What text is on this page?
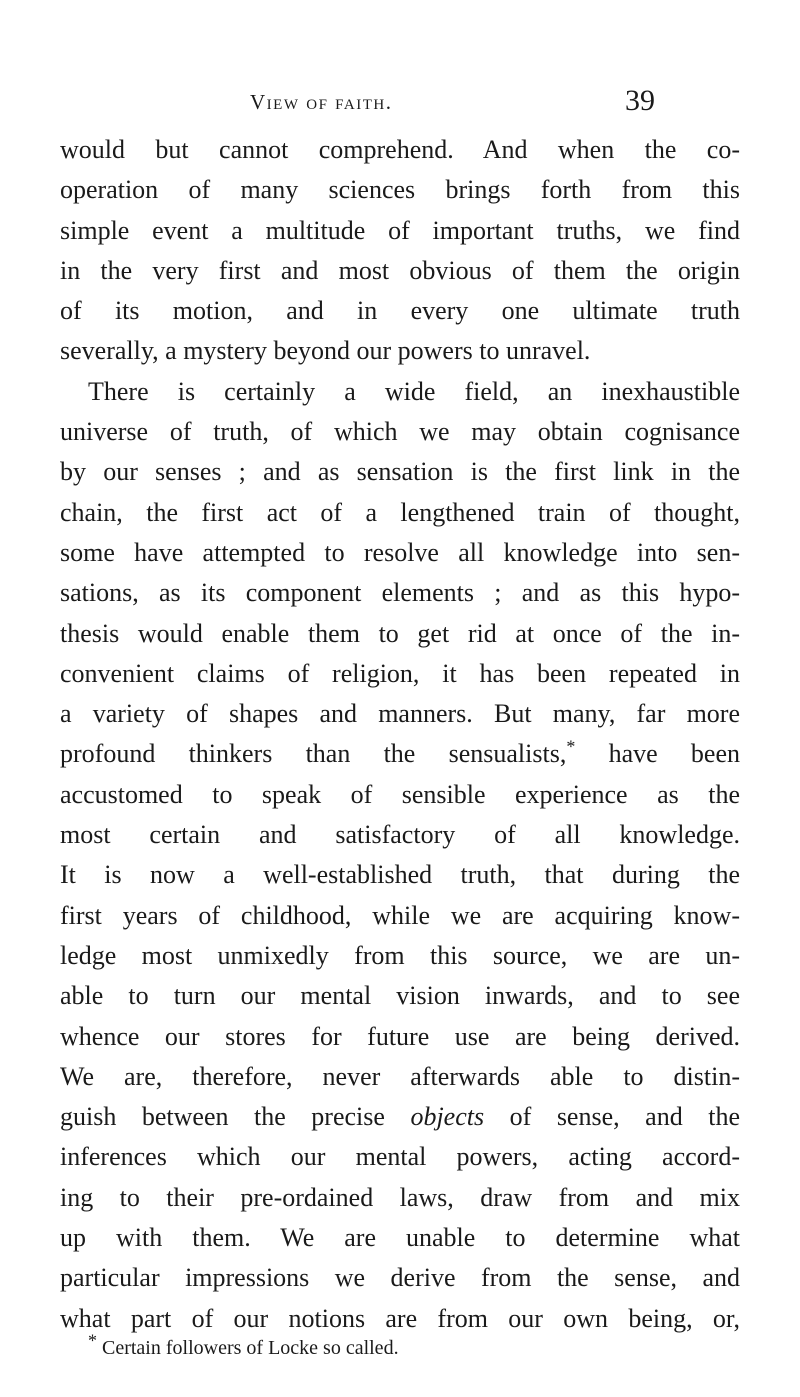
View of faith.	39
would but cannot comprehend. And when the co-
operation of many sciences brings forth from this
simple event a multitude of important truths, we find
in the very first and most obvious of them the origin
of its motion, and in every one ultimate truth
severally, a mystery beyond our powers to unravel.
There is certainly a wide field, an inexhaustible
universe of truth, of which we may obtain cognisance
by our senses ; and as sensation is the first link in the
chain, the first act of a lengthened train of thought,
some have attempted to resolve all knowledge into sen-
sations, as its component elements ; and as this hypo-
thesis would enable them to get rid at once of the in-
convenient claims of religion, it has been repeated in
a variety of shapes and manners. But many, far more
profound thinkers than the sensualists,* have been
accustomed to speak of sensible experience as the
most certain and satisfactory of all knowledge.
It is now a well-established truth, that during the
first years of childhood, while we are acquiring know-
ledge most unmixedly from this source, we are un-
able to turn our mental vision inwards, and to see
whence our stores for future use are being derived.
We are, therefore, never afterwards able to distin-
guish between the precise objects of sense, and the
inferences which our mental powers, acting accord-
ing to their pre-ordained laws, draw from and mix
up with them. We are unable to determine what
particular impressions we derive from the sense, and
what part of our notions are from our own being, or,
* Certain followers of Locke so called.
